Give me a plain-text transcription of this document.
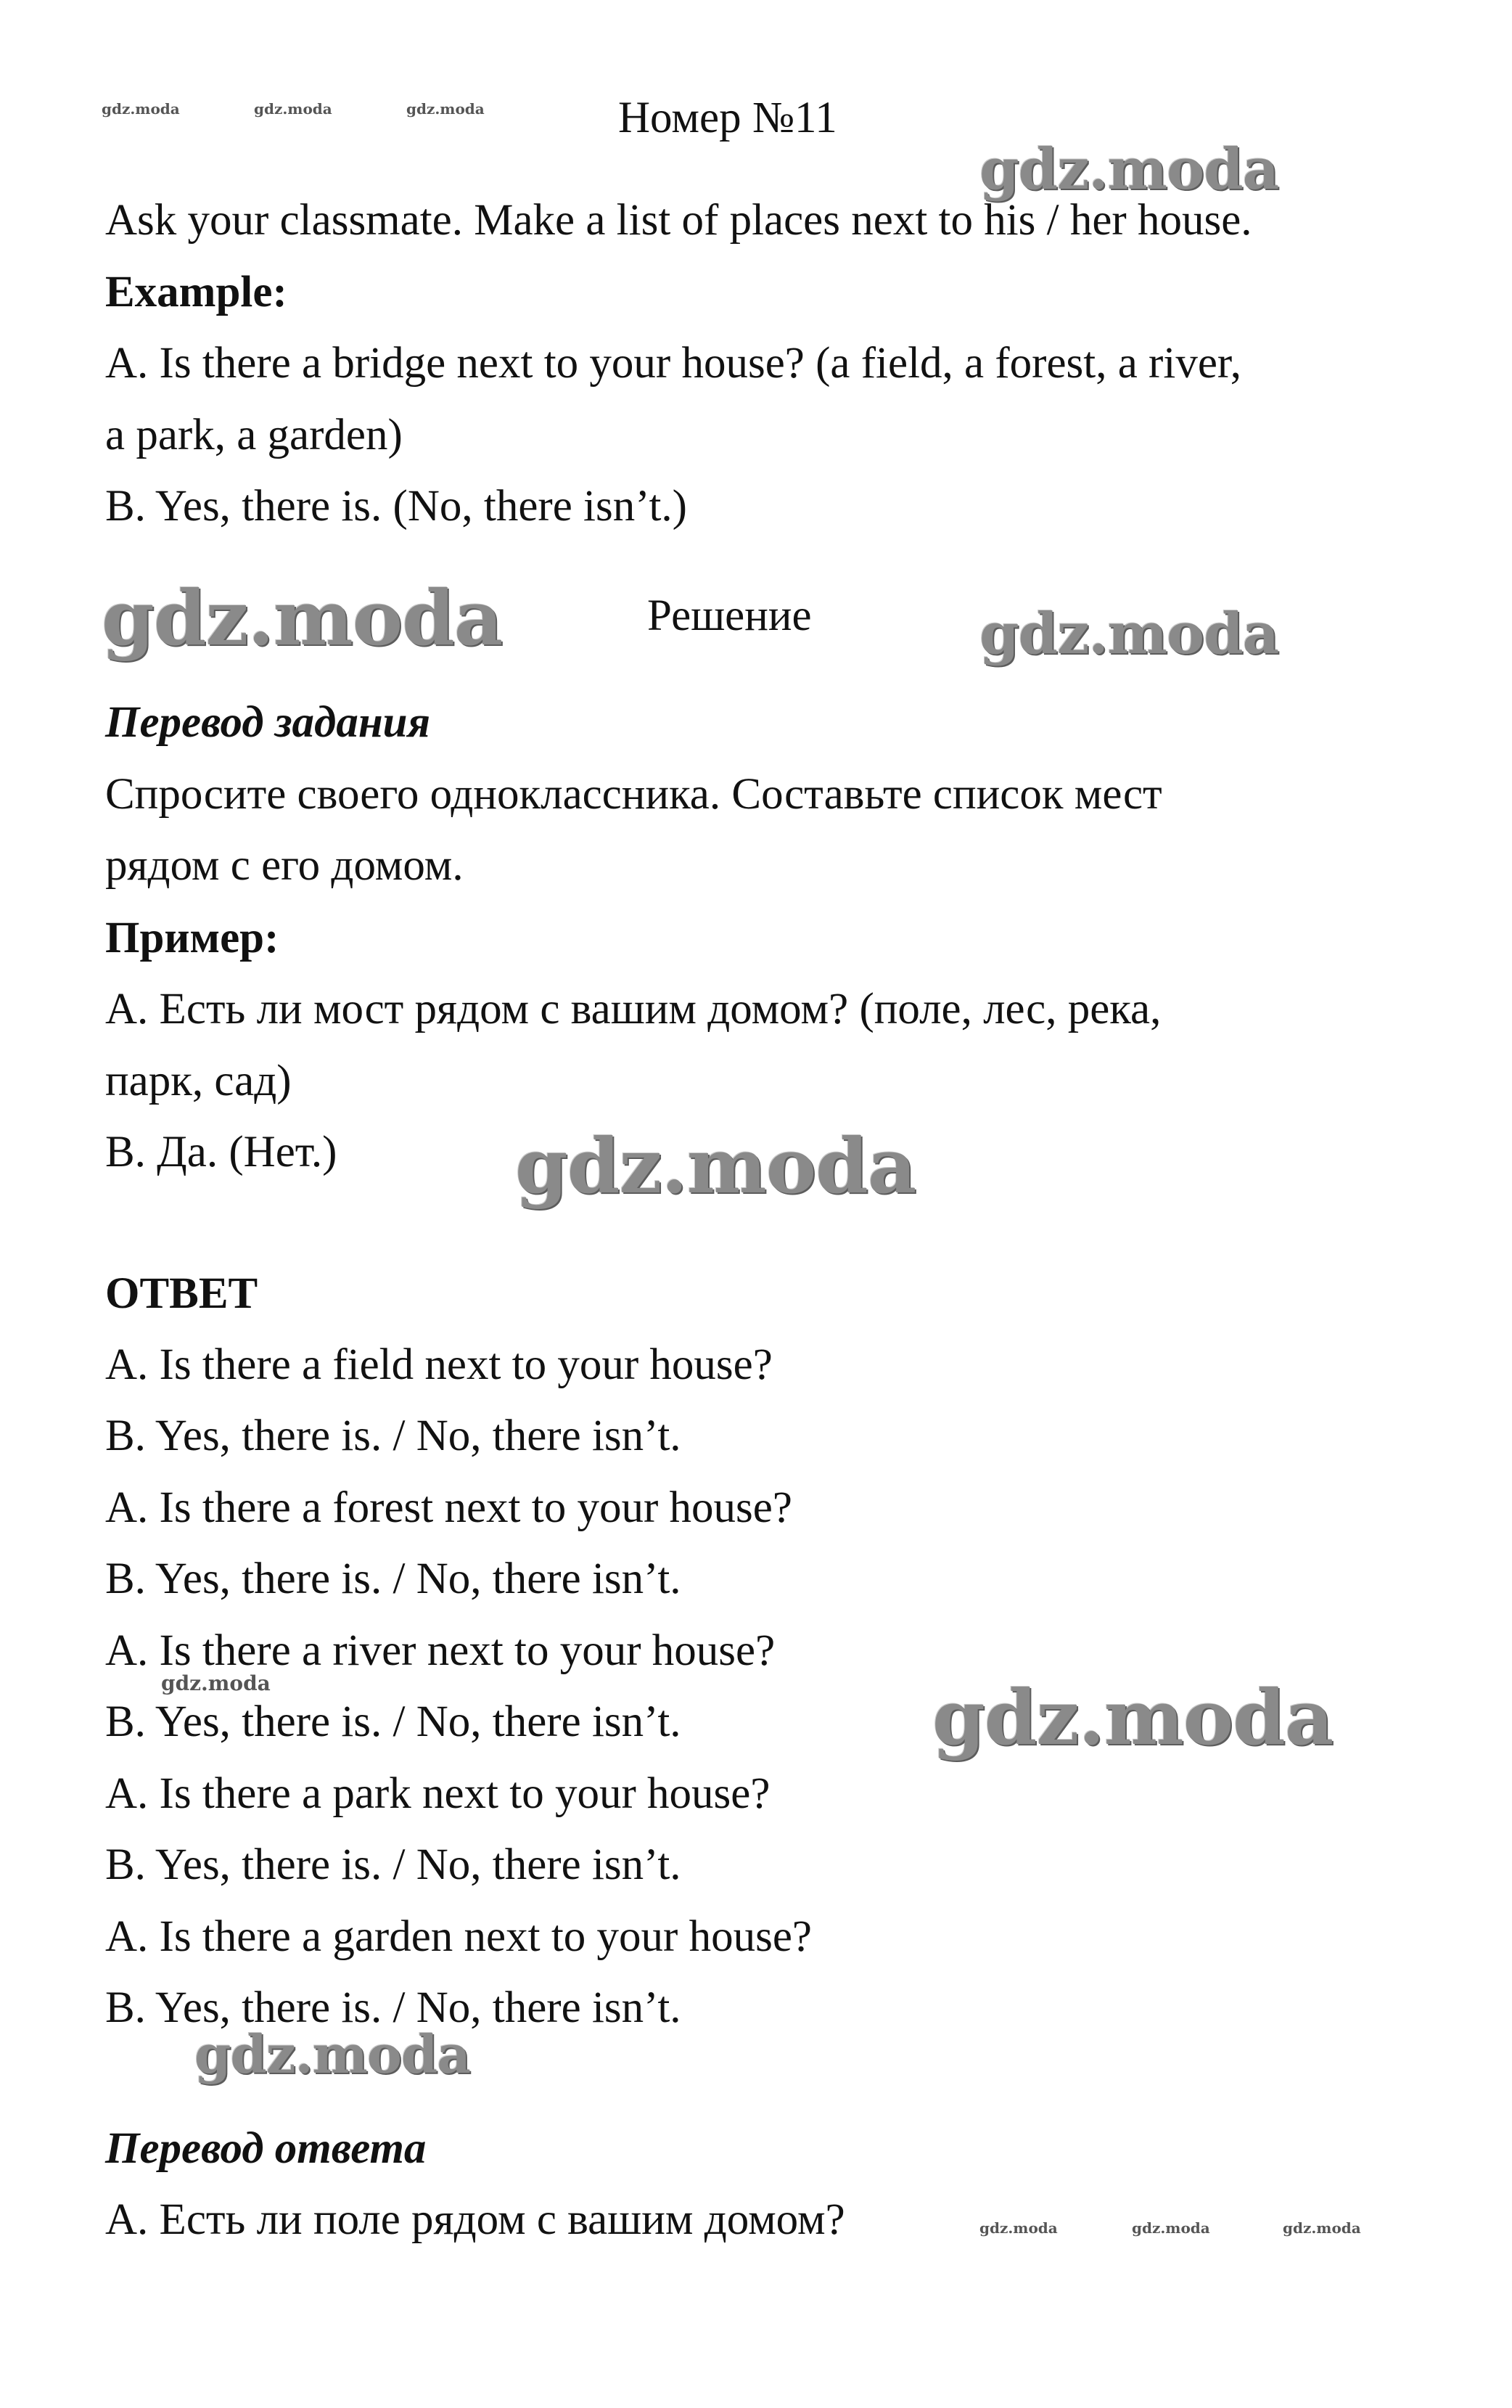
gdz.moda	gdz.moda	gdz.moda	Номер №11
gdz.moda
Ask your classmate. Make a list of places next to his / her house.
Example:
A. Is there a bridge next to your house? (a field, a forest, a river,
a park, a garden)
B. Yes, there is. (No, there isn’t.)
gdz.moda	Решение	gdz.moda
Перевод задания
Спросите своего одноклассника. Составьте список мест
рядом с его домом.
Пример:
A. Есть ли мост рядом с вашим домом? (поле, лес, река,
парк, сад)
B. Да. (Нет.) gdz.moda
ОТВЕТ
A. Is there a field next to your house?
B. Yes, there is. / No, there isn’t.
A. Is there a forest next to your house?
B. Yes, there is. / No, there isn’t.
A. Is there a river next to your house?
gdz.moda
B. Yes, there is. / No, there isn’t.	gdz.moda
A. Is there a park next to your house?
B. Yes, there is. / No, there isn’t.
A. Is there a garden next to your house?
B. Yes, there is. / No, there isn’t.
gdz.moda
Перевод ответа
A. Есть ли поле рядом с вашим домом?	gdz.moda	gdz.moda	gdz.moda
